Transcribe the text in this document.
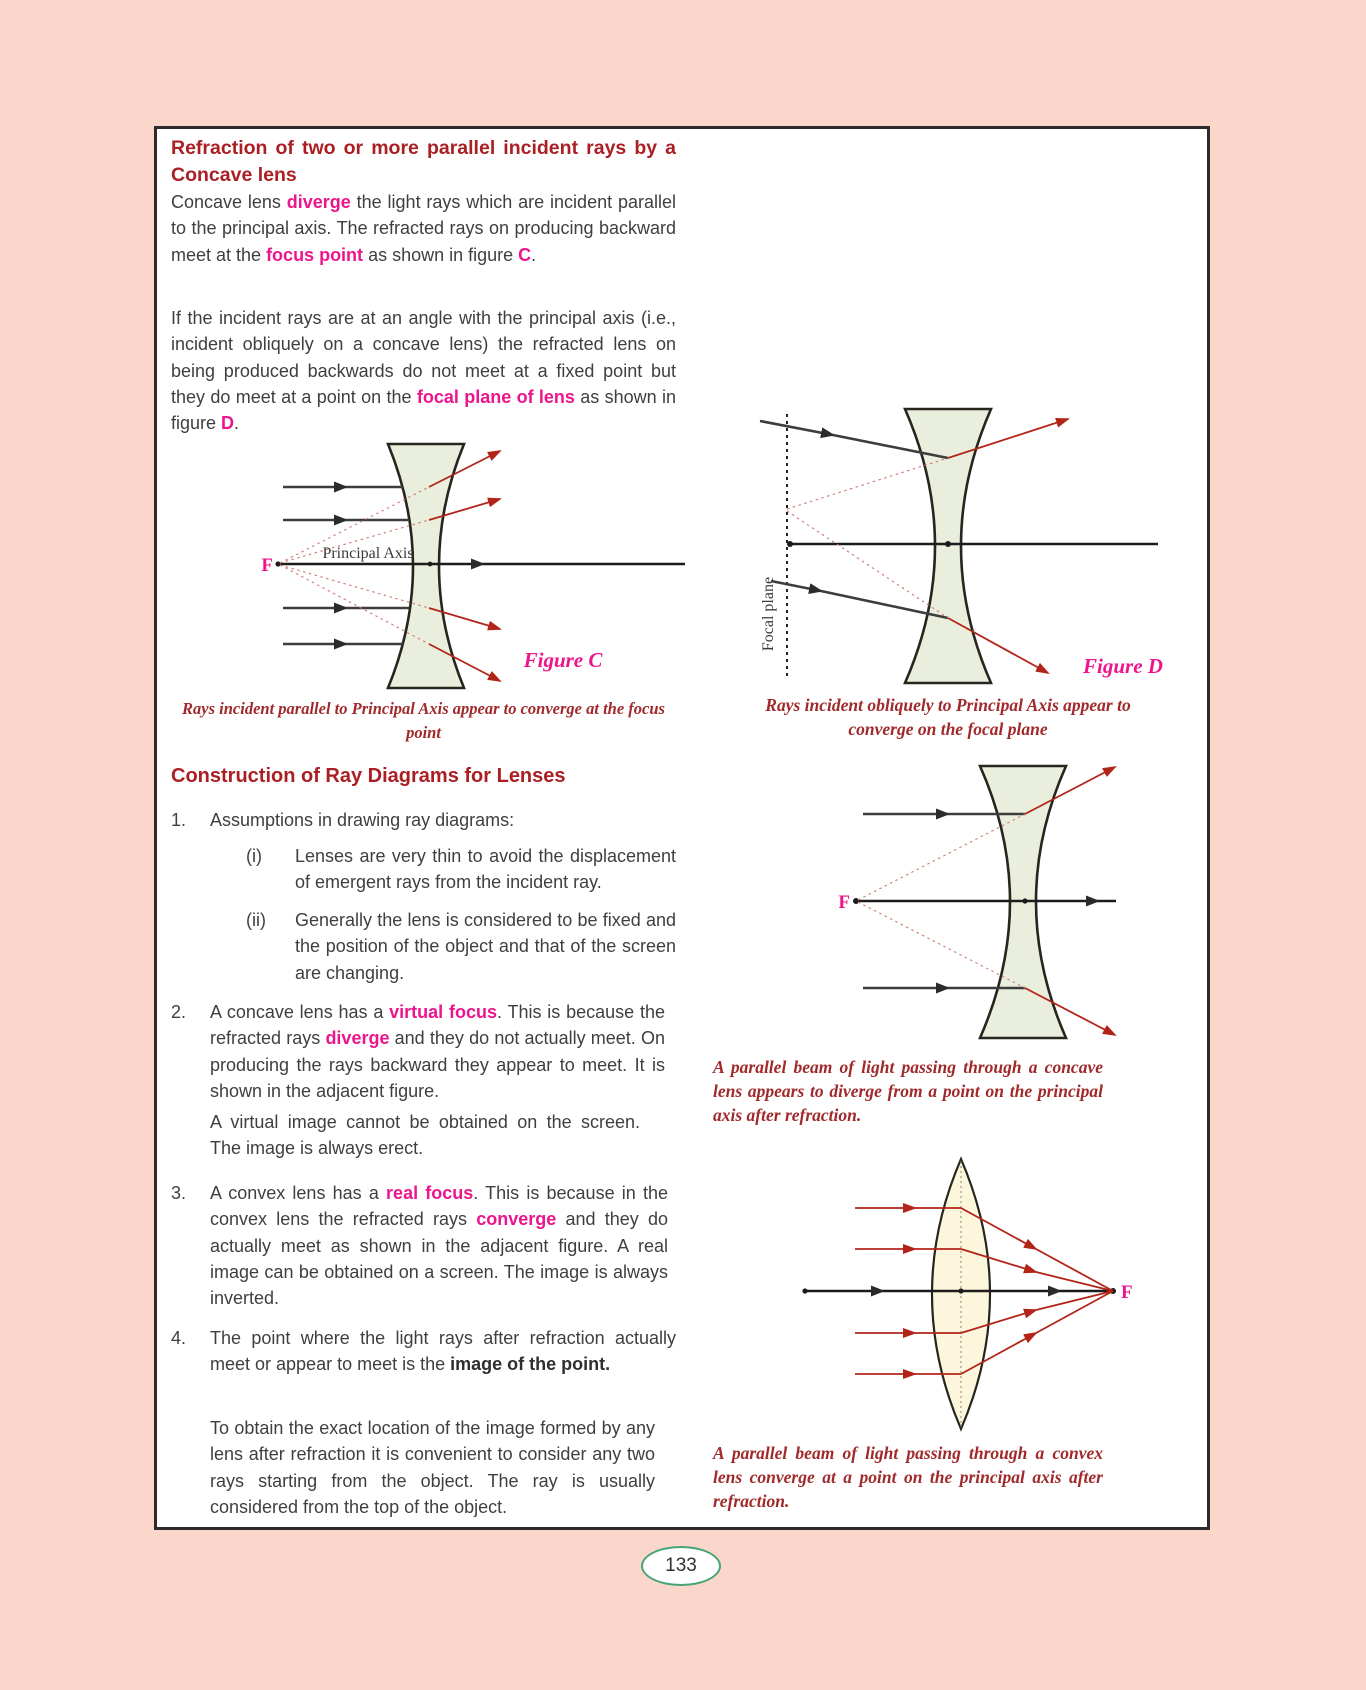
Refraction of two or more parallel incident rays by a Concave lens

Concave lens diverge the light rays which are incident parallel to the principal axis. The refracted rays on producing backward meet at the focus point as shown in figure C.

If the incident rays are at an angle with the principal axis (i.e., incident obliquely on a concave lens) the refracted lens on being produced backwards do not meet at a fixed point but they do meet at a point on the focal plane of lens as shown in figure D.

F
Principal Axis
Figure C
Rays incident parallel to Principal Axis appear to converge at the focus point
Construction of Ray Diagrams for Lenses
1.	Assumptions in drawing ray diagrams:
(i)	Lenses are very thin to avoid the displacement of emergent rays from the incident ray.
(ii)	Generally the lens is considered to be fixed and the position of the object and that of the screen are changing.
2.	A concave lens has a virtual focus. This is because the refracted rays diverge and they do not actually meet. On producing the rays backward they appear to meet. It is shown in the adjacent figure.
A virtual image cannot be obtained on the screen. The image is always erect.
3.	A convex lens has a real focus. This is because in the convex lens the refracted rays converge and they do actually meet as shown in the adjacent figure. A real image can be obtained on a screen. The image is always inverted.
4.	The point where the light rays after refraction actually meet or appear to meet is the image of the point.
To obtain the exact location of the image formed by any lens after refraction it is convenient to consider any two rays starting from the object. The ray is usually considered from the top of the object.
Focal plane
Figure D
Rays incident obliquely to Principal Axis appear to converge on the focal plane
F
A parallel beam of light passing through a concave lens appears to diverge from a point on the principal axis after refraction.
F
A parallel beam of light passing through a convex lens converge at a point on the principal axis after refraction.
133
